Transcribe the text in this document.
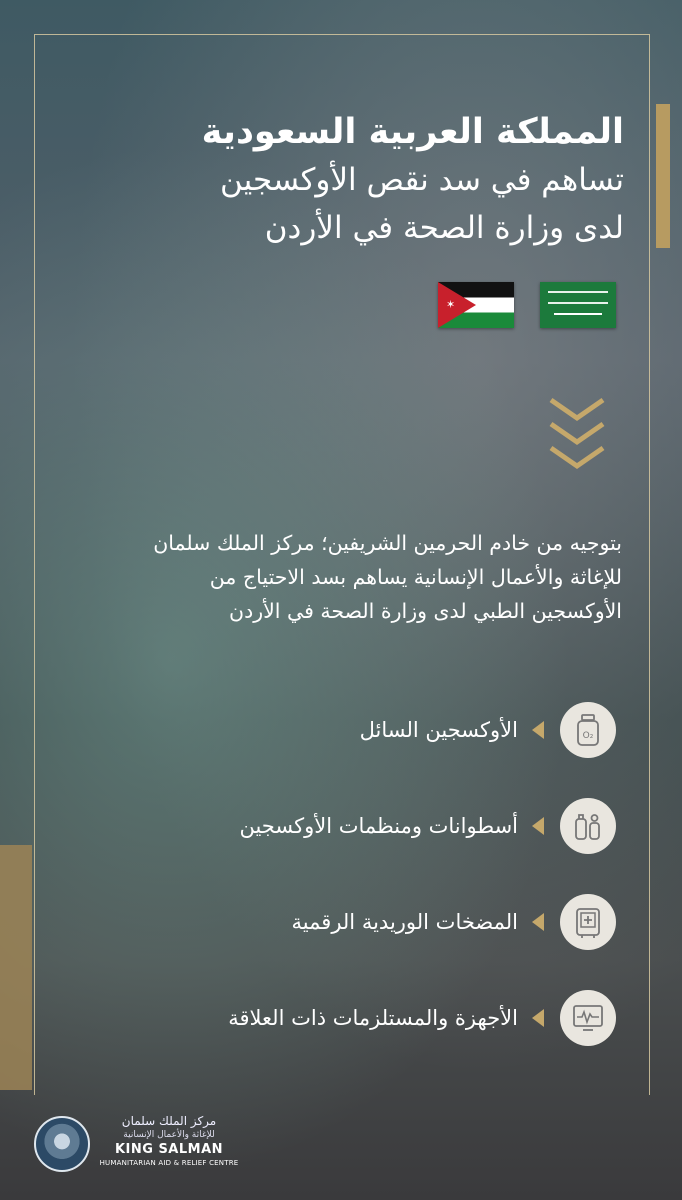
المملكة العربية السعودية
تساهم في سد نقص الأوكسجين
لدى وزارة الصحة في الأردن
✶
بتوجيه من خادم الحرمين الشريفين؛ مركز الملك سلمان
للإغاثة والأعمال الإنسانية يساهم بسد الاحتياج من
الأوكسجين الطبي لدى وزارة الصحة في الأردن
O₂
الأوكسجين السائل
أسطوانات ومنظمات الأوكسجين
المضخات الوريدية الرقمية
الأجهزة والمستلزمات ذات العلاقة
مركز الملك سلمان
للإغاثة والأعمال الإنسانية
KING SALMAN
HUMANITARIAN AID & RELIEF CENTRE
